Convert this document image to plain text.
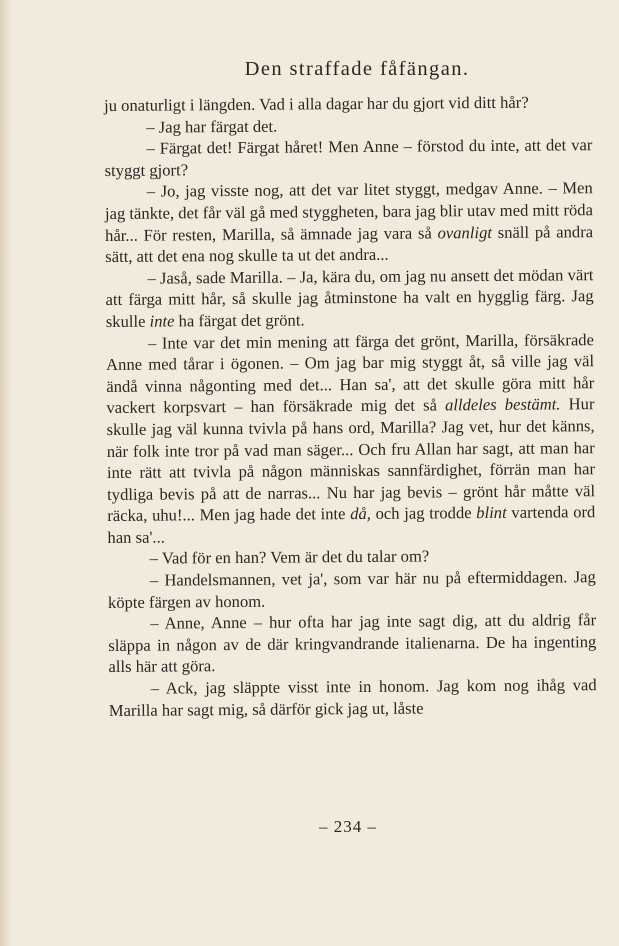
Den straffade fåfängan.

ju onaturligt i längden. Vad i alla dagar har du gjort vid ditt hår?

– Jag har färgat det.

– Färgat det! Färgat håret! Men Anne – förstod du inte, att det var styggt gjort?

– Jo, jag visste nog, att det var litet styggt, medgav Anne. – Men jag tänkte, det får väl gå med styggheten, bara jag blir utav med mitt röda hår... För resten, Marilla, så ämnade jag vara så ovanligt snäll på andra sätt, att det ena nog skulle ta ut det andra...

– Jaså, sade Marilla. – Ja, kära du, om jag nu ansett det mödan värt att färga mitt hår, så skulle jag åtminstone ha valt en hygglig färg. Jag skulle inte ha färgat det grönt.

– Inte var det min mening att färga det grönt, Marilla, försäkrade Anne med tårar i ögonen. – Om jag bar mig styggt åt, så ville jag väl ändå vinna någonting med det... Han sa', att det skulle göra mitt hår vackert korpsvart – han försäkrade mig det så alldeles bestämt. Hur skulle jag väl kunna tvivla på hans ord, Marilla? Jag vet, hur det känns, när folk inte tror på vad man säger... Och fru Allan har sagt, att man har inte rätt att tvivla på någon människas sannfärdighet, förrän man har tydliga bevis på att de narras... Nu har jag bevis – grönt hår måtte väl räcka, uhu!... Men jag hade det inte då, och jag trodde blint vartenda ord han sa'...

– Vad för en han? Vem är det du talar om?

– Handelsmannen, vet ja', som var här nu på eftermiddagen. Jag köpte färgen av honom.

– Anne, Anne – hur ofta har jag inte sagt dig, att du aldrig får släppa in någon av de där kringvandrande italienarna. De ha ingenting alls här att göra.

– Ack, jag släppte visst inte in honom. Jag kom nog ihåg vad Marilla har sagt mig, så därför gick jag ut, låste

– 234 –
